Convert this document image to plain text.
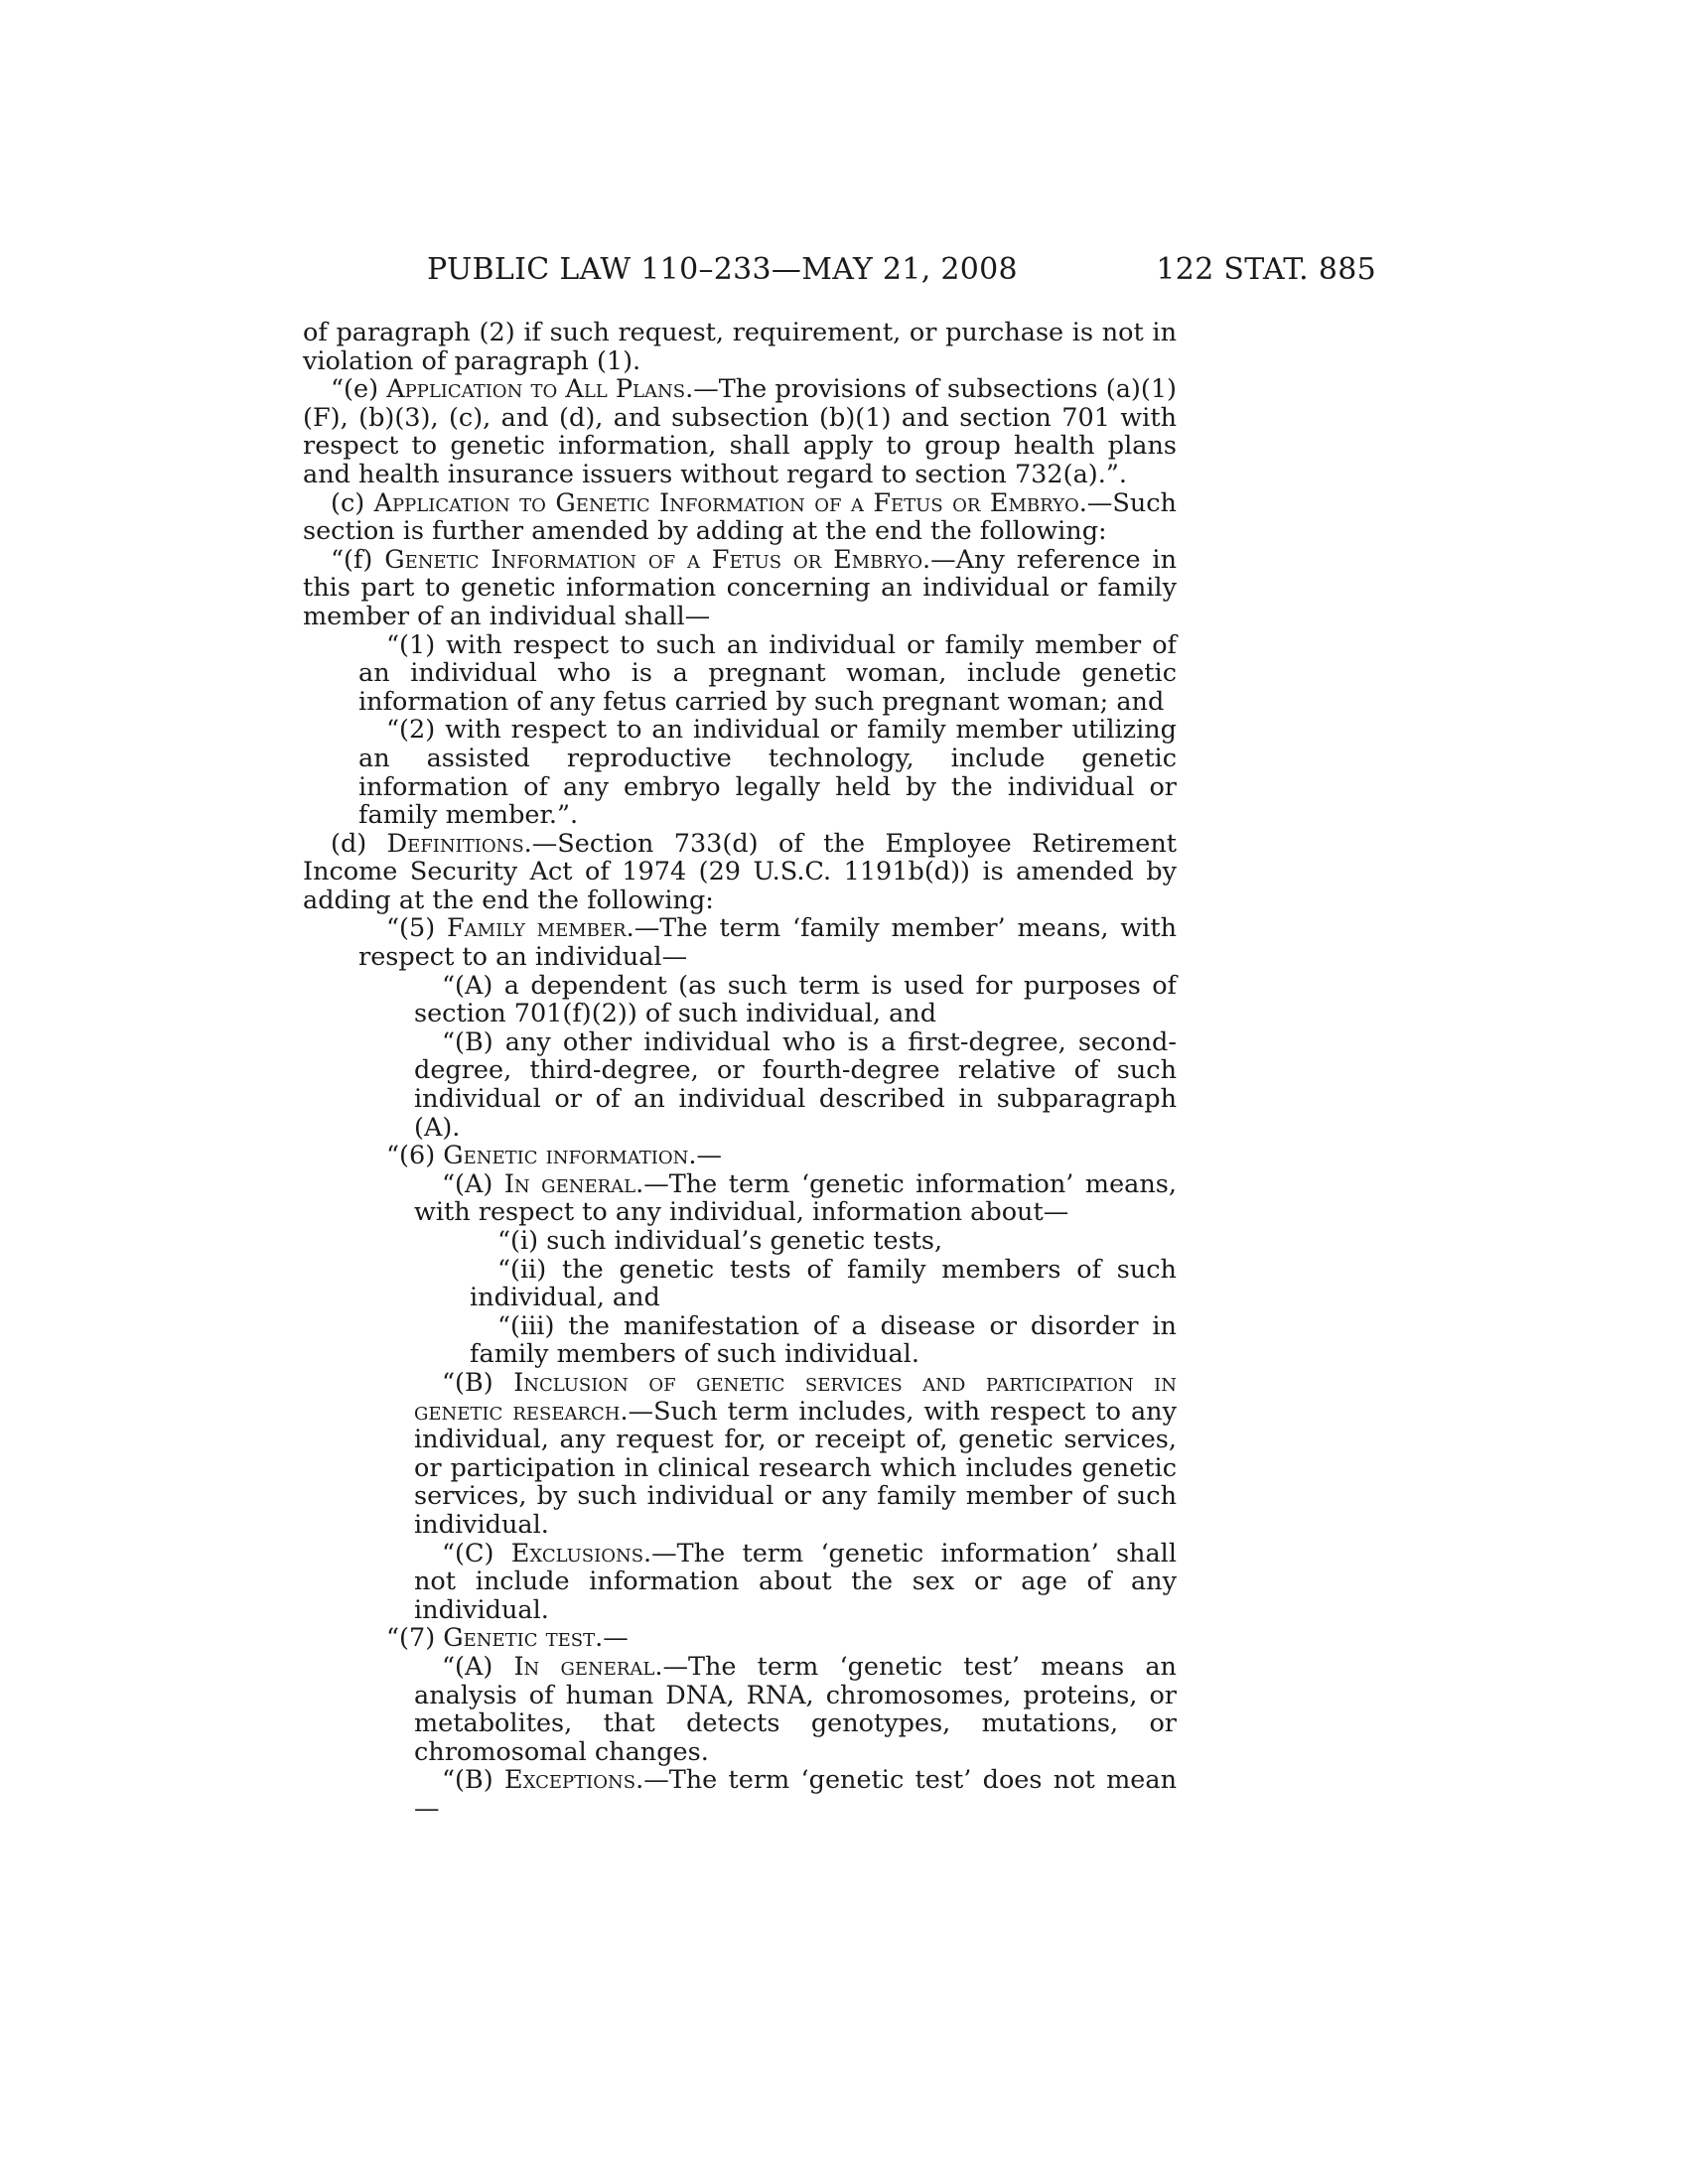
PUBLIC LAW 110–233—MAY 21, 2008	122 STAT. 885

of paragraph (2) if such request, requirement, or purchase is not in violation of paragraph (1).

“(e) Application to All Plans.—The provisions of subsections (a)(1)(F), (b)(3), (c), and (d), and subsection (b)(1) and section 701 with respect to genetic information, shall apply to group health plans and health insurance issuers without regard to section 732(a).”.

(c) Application to Genetic Information of a Fetus or Embryo.—Such section is further amended by adding at the end the following:

“(f) Genetic Information of a Fetus or Embryo.—Any reference in this part to genetic information concerning an individual or family member of an individual shall—

“(1) with respect to such an individual or family member of an individual who is a pregnant woman, include genetic information of any fetus carried by such pregnant woman; and

“(2) with respect to an individual or family member utilizing an assisted reproductive technology, include genetic information of any embryo legally held by the individual or family member.”.

(d) Definitions.—Section 733(d) of the Employee Retirement Income Security Act of 1974 (29 U.S.C. 1191b(d)) is amended by adding at the end the following:

“(5) Family member.—The term ‘family member’ means, with respect to an individual—

“(A) a dependent (as such term is used for purposes of section 701(f)(2)) of such individual, and

“(B) any other individual who is a first-degree, second-degree, third-degree, or fourth-degree relative of such individual or of an individual described in subparagraph (A).

“(6) Genetic information.—

“(A) In general.—The term ‘genetic information’ means, with respect to any individual, information about—

“(i) such individual’s genetic tests,

“(ii) the genetic tests of family members of such individual, and

“(iii) the manifestation of a disease or disorder in family members of such individual.

“(B) Inclusion of genetic services and participation in genetic research.—Such term includes, with respect to any individual, any request for, or receipt of, genetic services, or participation in clinical research which includes genetic services, by such individual or any family member of such individual.

“(C) Exclusions.—The term ‘genetic information’ shall not include information about the sex or age of any individual.

“(7) Genetic test.—

“(A) In general.—The term ‘genetic test’ means an analysis of human DNA, RNA, chromosomes, proteins, or metabolites, that detects genotypes, mutations, or chromosomal changes.

“(B) Exceptions.—The term ‘genetic test’ does not mean—
